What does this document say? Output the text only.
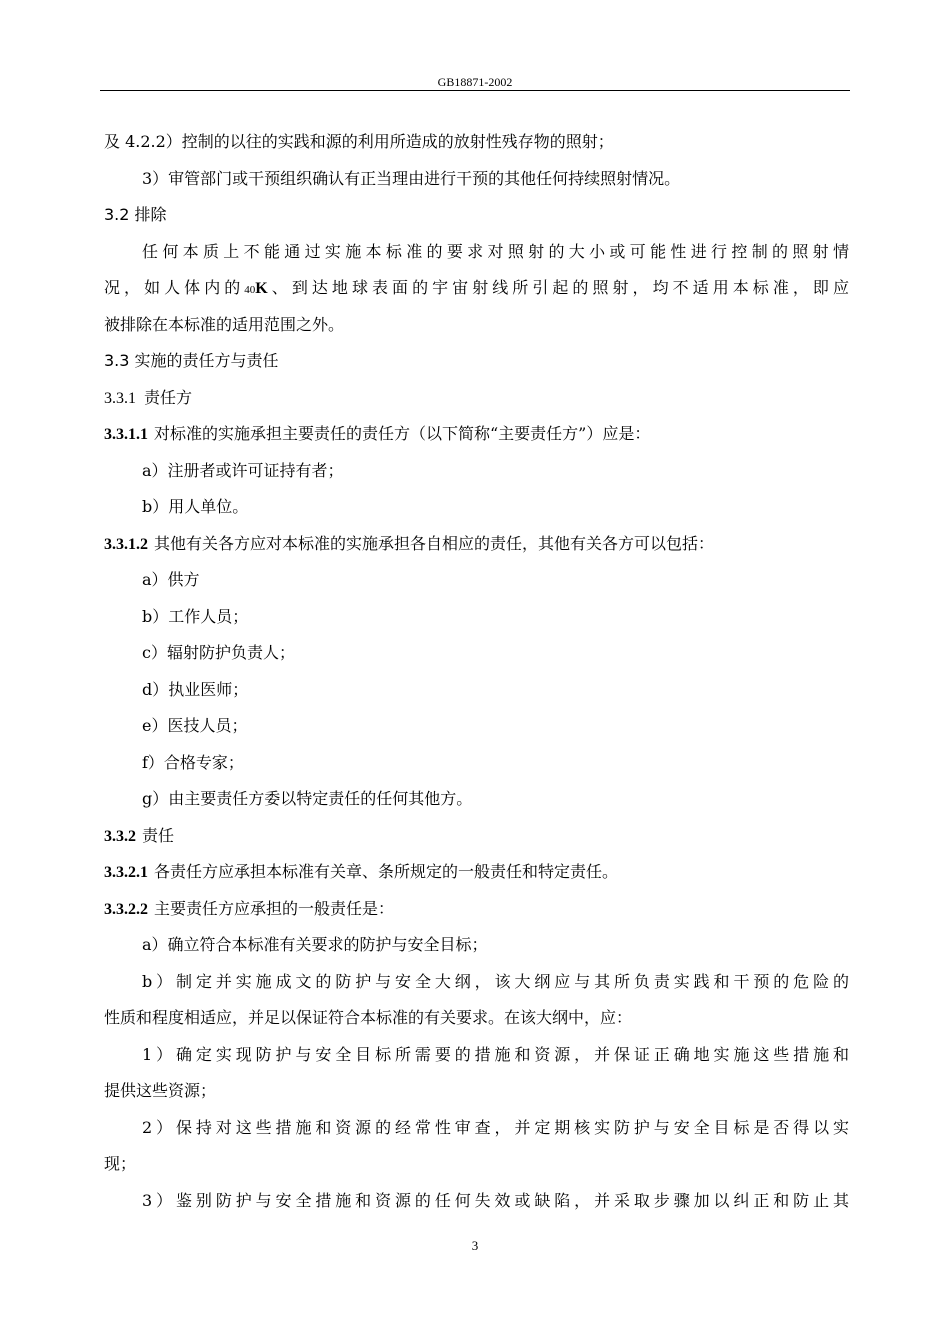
GB18871-2002
及 4.2.2）控制的以往的实践和源的利用所造成的放射性残存物的照射；
3）审管部门或干预组织确认有正当理由进行干预的其他任何持续照射情况。
3.2 排除
任何本质上不能通过实施本标准的要求对照射的大小或可能性进行控制的照射情
况，如人体内的40K、到达地球表面的宇宙射线所引起的照射，均不适用本标准，即应
被排除在本标准的适用范围之外。
3.3 实施的责任方与责任
3.3.1 责任方
3.3.1.1 对标准的实施承担主要责任的责任方（以下简称“主要责任方”）应是：
a）注册者或许可证持有者；
b）用人单位。
3.3.1.2 其他有关各方应对本标准的实施承担各自相应的责任，其他有关各方可以包括：
a）供方
b）工作人员；
c）辐射防护负责人；
d）执业医师；
e）医技人员；
f）合格专家；
g）由主要责任方委以特定责任的任何其他方。
3.3.2 责任
3.3.2.1 各责任方应承担本标准有关章、条所规定的一般责任和特定责任。
3.3.2.2 主要责任方应承担的一般责任是：
a）确立符合本标准有关要求的防护与安全目标；
b）制定并实施成文的防护与安全大纲，该大纲应与其所负责实践和干预的危险的
性质和程度相适应，并足以保证符合本标准的有关要求。在该大纲中，应：
1）确定实现防护与安全目标所需要的措施和资源，并保证正确地实施这些措施和
提供这些资源；
2）保持对这些措施和资源的经常性审查，并定期核实防护与安全目标是否得以实
现；
3）鉴别防护与安全措施和资源的任何失效或缺陷，并采取步骤加以纠正和防止其
3
